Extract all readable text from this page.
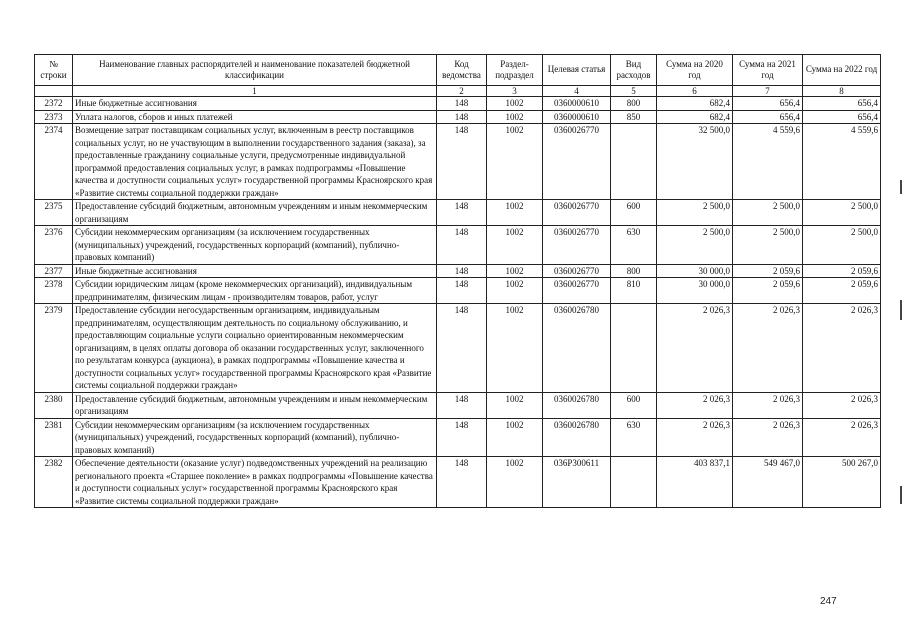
№ строки	Наименование главных распорядителей и наименование показателей бюджетной классификации	Код ведомства	Раздел-подраздел	Целевая статья	Вид расходов	Сумма на 2020 год	Сумма на 2021 год	Сумма на 2022 год
	1	2	3	4	5	6	7	8
2372	Иные бюджетные ассигнования	148	1002	0360000610	800	682,4	656,4	656,4
2373	Уплата налогов, сборов и иных платежей	148	1002	0360000610	850	682,4	656,4	656,4
2374	Возмещение затрат поставщикам социальных услуг, включенным в реестр поставщиков социальных услуг, но не участвующим в выполнении государственного задания (заказа), за предоставленные гражданину социальные услуги, предусмотренные индивидуальной программой предоставления социальных услуг, в рамках подпрограммы «Повышение качества и доступности социальных услуг» государственной программы Красноярского края «Развитие системы социальной поддержки граждан»	148	1002	0360026770		32 500,0	4 559,6	4 559,6
2375	Предоставление субсидий бюджетным, автономным учреждениям и иным некоммерческим организациям	148	1002	0360026770	600	2 500,0	2 500,0	2 500,0
2376	Субсидии некоммерческим организациям (за исключением государственных (муниципальных) учреждений, государственных корпораций (компаний), публично-правовых компаний)	148	1002	0360026770	630	2 500,0	2 500,0	2 500,0
2377	Иные бюджетные ассигнования	148	1002	0360026770	800	30 000,0	2 059,6	2 059,6
2378	Субсидии юридическим лицам (кроме некоммерческих организаций), индивидуальным предпринимателям, физическим лицам - производителям товаров, работ, услуг	148	1002	0360026770	810	30 000,0	2 059,6	2 059,6
2379	Предоставление субсидии негосударственным организациям, индивидуальным предпринимателям, осуществляющим деятельность по социальному обслуживанию, и предоставляющим социальные услуги социально ориентированным некоммерческим организациям, в целях оплаты договора об оказании государственных услуг, заключенного по результатам конкурса (аукциона), в рамках подпрограммы «Повышение качества и доступности социальных услуг» государственной программы Красноярского края «Развитие системы социальной поддержки граждан»	148	1002	0360026780		2 026,3	2 026,3	2 026,3
2380	Предоставление субсидий бюджетным, автономным учреждениям и иным некоммерческим организациям	148	1002	0360026780	600	2 026,3	2 026,3	2 026,3
2381	Субсидии некоммерческим организациям (за исключением государственных (муниципальных) учреждений, государственных корпораций (компаний), публично-правовых компаний)	148	1002	0360026780	630	2 026,3	2 026,3	2 026,3
2382	Обеспечение деятельности (оказание услуг) подведомственных учреждений на реализацию регионального проекта «Старшее поколение» в рамках подпрограммы «Повышение качества и доступности социальных услуг» государственной программы Красноярского края «Развитие системы социальной поддержки граждан»	148	1002	036P300611		403 837,1	549 467,0	500 267,0
247
